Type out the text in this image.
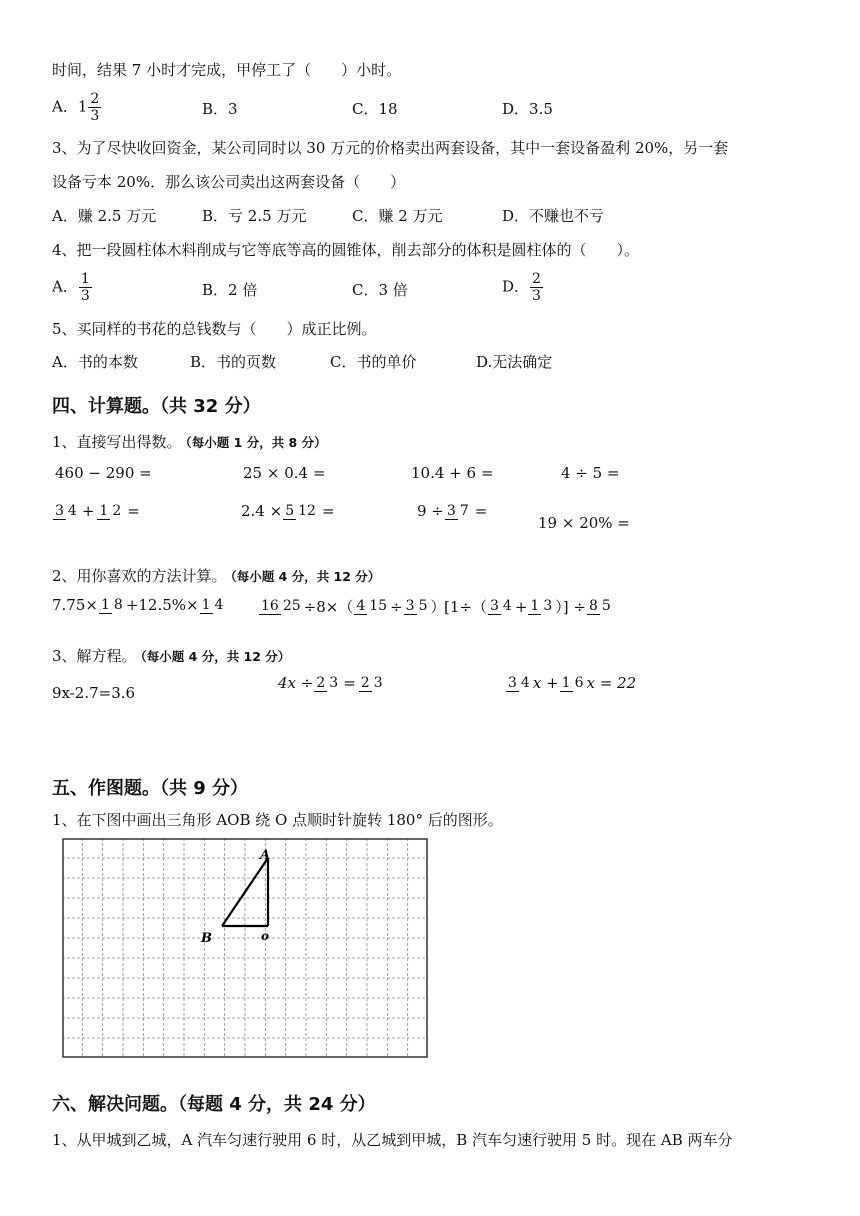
时间，结果 7 小时才完成，甲停工了（　　）小时。
A．$1 \frac{2}{3}$	B．3	C．18	D．3.5
3、为了尽快收回资金，某公司同时以 30 万元的价格卖出两套设备，其中一套设备盈利 20%，另一套
设备亏本 20%．那么该公司卖出这两套设备（　　）
A．赚 2.5 万元	B．亏 2.5 万元	C．赚 2 万元	D．不赚也不亏
4、把一段圆柱体木料削成与它等底等高的圆锥体，削去部分的体积是圆柱体的（　　）。
A． $\frac{1}{3}$	B．2 倍	C．3 倍	D． $\frac{2}{3}$
5、买同样的书花的总钱数与（　　）成正比例。
A．书的本数	B．书的页数	C．书的单价	D.无法确定
四、计算题。（共 32 分）
1、直接写出得数。 （每小题 1 分，共 8 分）
460 − 290 =	25 × 0.4 =	10.4 + 6 =	4 ÷ 5 =
3 4 + 1 2 =	2.4 × 5 12 =	9 ÷ 3 7 =
19 × 20% =
2、用你喜欢的方法计算。 （每小题 4 分，共 12 分）
7.75× 1 8 +12.5%× 1 4	16 25 ÷8×（ 4 15 ÷ 3 5 ）
[1÷（ 3 4 + 1 3 ）] ÷ 8 5
3、解方程。 （每小题 4 分，共 12 分）
9x-2.7=3.6
4x ÷ 2 3 = 2 3	3 4 x + 1 6 x = 22
五、作图题。（共 9 分）
1、在下图中画出三角形 AOB 绕 O 点顺时针旋转 180° 后的图形。
A
B	o
六、解决问题。（每题 4 分，共 24 分）
1、从甲城到乙城，A 汽车匀速行驶用 6 时，从乙城到甲城，B 汽车匀速行驶用 5 时。现在 AB 两车分
